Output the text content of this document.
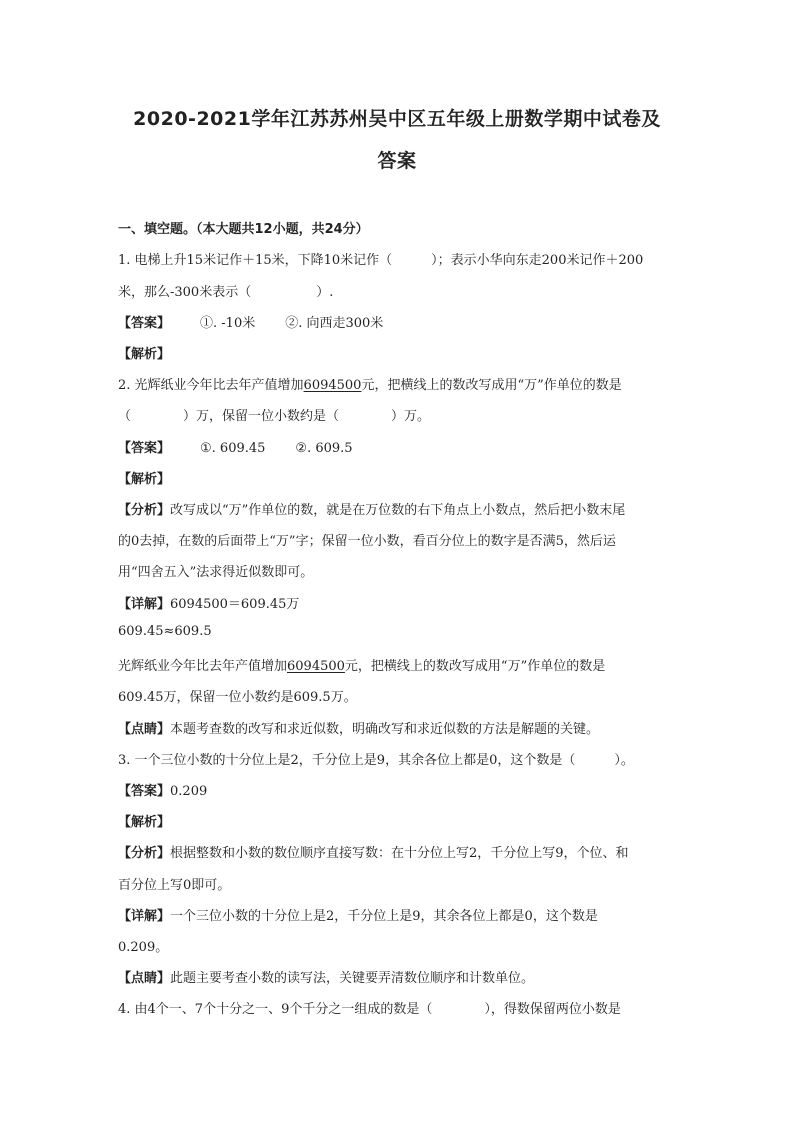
2020-2021学年江苏苏州吴中区五年级上册数学期中试卷及
答案
一、填空题。（本大题共12小题，共24分）
1. 电梯上升15米记作＋15米，下降10米记作（　　　）；表示小华向东走200米记作＋200
米，那么-300米表示（　　　　　）.
【答案】 ①. -10米 ②. 向西走300米
【解析】
2. 光辉纸业今年比去年产值增加6094500元，把横线上的数改写成用“万”作单位的数是
（　　　　）万，保留一位小数约是（　　　　）万。
【答案】 ①. 609.45 ②. 609.5
【解析】
【分析】改写成以“万”作单位的数，就是在万位数的右下角点上小数点，然后把小数末尾
的0去掉，在数的后面带上“万”字；保留一位小数，看百分位上的数字是否满5，然后运
用“四舍五入”法求得近似数即可。
【详解】6094500＝609.45万
609.45≈609.5
光辉纸业今年比去年产值增加6094500元，把横线上的数改写成用“万”作单位的数是
609.45万，保留一位小数约是609.5万。
【点睛】本题考查数的改写和求近似数，明确改写和求近似数的方法是解题的关键。
3. 一个三位小数的十分位上是2，千分位上是9，其余各位上都是0，这个数是（　　　）。
【答案】0.209
【解析】
【分析】根据整数和小数的数位顺序直接写数：在十分位上写2，千分位上写9，个位、和
百分位上写0即可。
【详解】一个三位小数的十分位上是2，千分位上是9，其余各位上都是0，这个数是
0.209。
【点睛】此题主要考查小数的读写法，关键要弄清数位顺序和计数单位。
4. 由4个一、7个十分之一、9个千分之一组成的数是（　　　　），得数保留两位小数是
